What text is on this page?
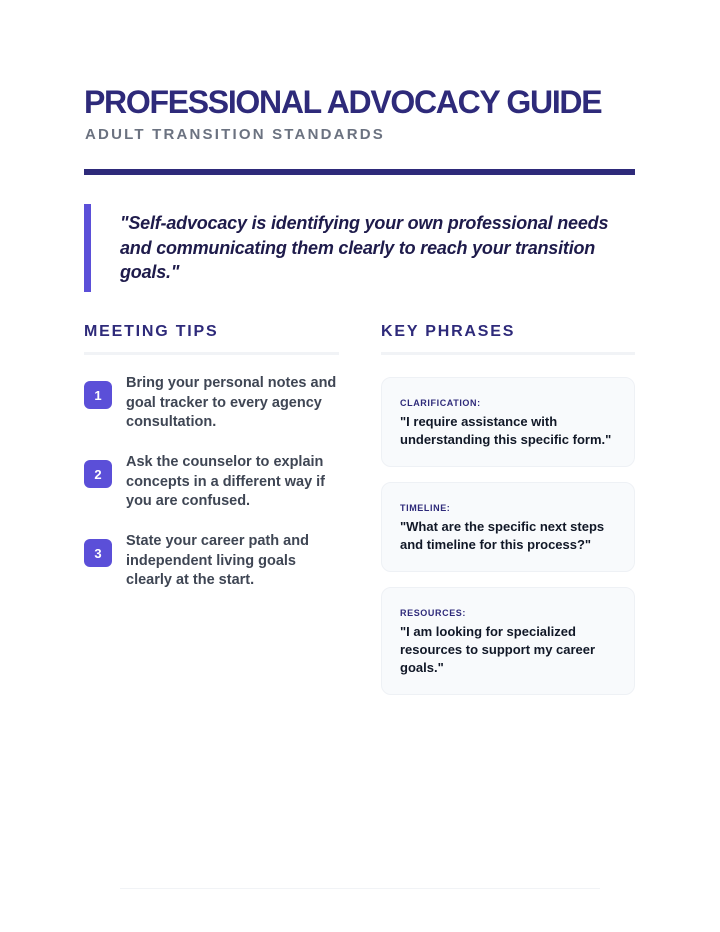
PROFESSIONAL ADVOCACY GUIDE
ADULT TRANSITION STANDARDS
"Self-advocacy is identifying your own professional needs and communicating them clearly to reach your transition goals."
MEETING TIPS	KEY PHRASES
1
Bring your personal notes and goal tracker to every agency consultation.
2
Ask the counselor to explain concepts in a different way if you are confused.
3
State your career path and independent living goals clearly at the start.
CLARIFICATION:
"I require assistance with understanding this specific form."
TIMELINE:
"What are the specific next steps and timeline for this process?"
RESOURCES:
"I am looking for specialized resources to support my career goals."
